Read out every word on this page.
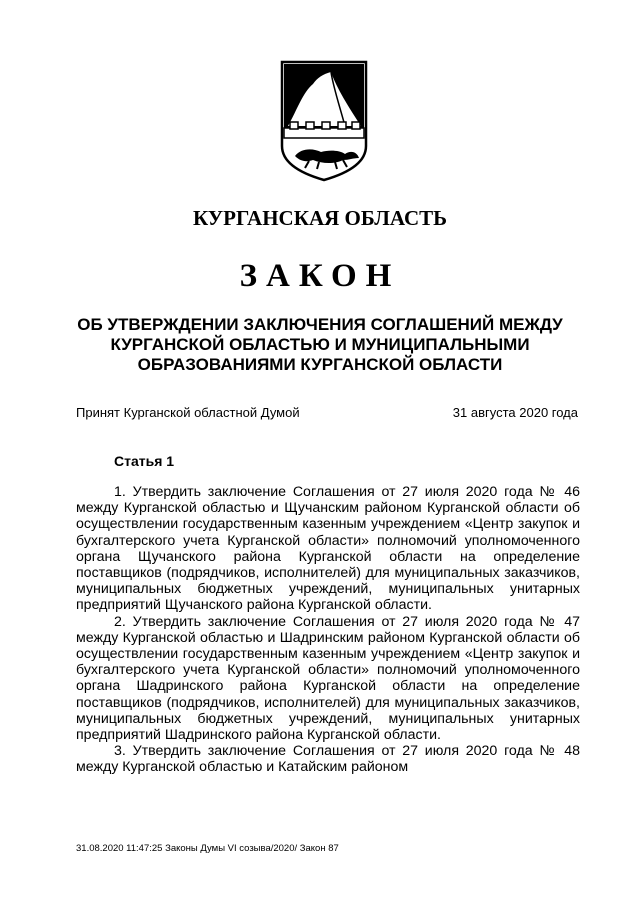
КУРГАНСКАЯ ОБЛАСТЬ
ЗАКОН
ОБ УТВЕРЖДЕНИИ ЗАКЛЮЧЕНИЯ СОГЛАШЕНИЙ МЕЖДУ
КУРГАНСКОЙ ОБЛАСТЬЮ И МУНИЦИПАЛЬНЫМИ
ОБРАЗОВАНИЯМИ КУРГАНСКОЙ ОБЛАСТИ
Принят Курганской областной Думой	31 августа 2020 года
Статья 1

1. Утвердить заключение Соглашения от 27 июля 2020 года № 46 между Курганской областью и Щучанским районом Курганской области об осуществлении государственным казенным учреждением «Центр закупок и бухгалтерского учета Курганской области» полномочий уполномоченного органа Щучанского района Курганской области на определение поставщиков (подрядчиков, исполнителей) для муниципальных заказчиков, муниципальных бюджетных учреждений, муниципальных унитарных предприятий Щучанского района Курганской области.

2. Утвердить заключение Соглашения от 27 июля 2020 года № 47 между Курганской областью и Шадринским районом Курганской области об осуществлении государственным казенным учреждением «Центр закупок и бухгалтерского учета Курганской области» полномочий уполномоченного органа Шадринского района Курганской области на определение поставщиков (подрядчиков, исполнителей) для муниципальных заказчиков, муниципальных бюджетных учреждений, муниципальных унитарных предприятий Шадринского района Курганской области.

3. Утвердить заключение Соглашения от 27 июля 2020 года № 48 между Курганской областью и Катайским районом

31.08.2020 11:47:25 Законы Думы VI созыва/2020/ Закон 87
